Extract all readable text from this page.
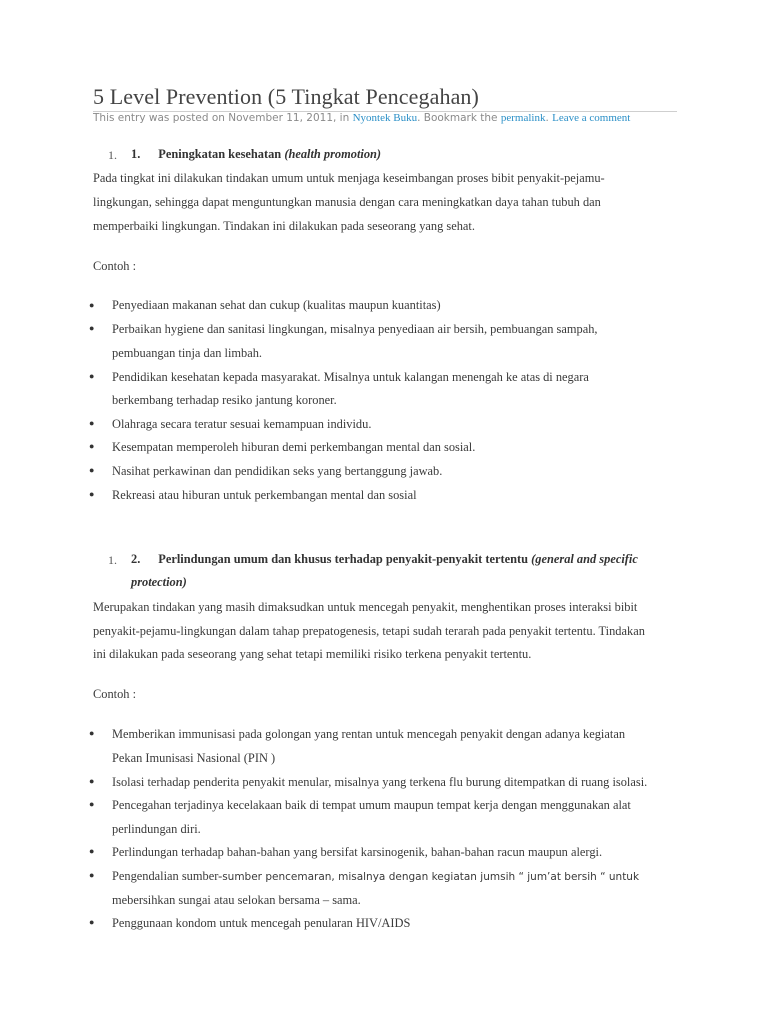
5 Level Prevention (5 Tingkat Pencegahan)
This entry was posted on November 11, 2011, in Nyontek Buku. Bookmark the permalink. Leave a comment
1. 1. Peningkatan kesehatan (health promotion)
Pada tingkat ini dilakukan tindakan umum untuk menjaga keseimbangan proses bibit penyakit-pejamu-
lingkungan, sehingga dapat menguntungkan manusia dengan cara meningkatkan daya tahan tubuh dan
memperbaiki lingkungan. Tindakan ini dilakukan pada seseorang yang sehat.
Contoh :
● Penyediaan makanan sehat dan cukup (kualitas maupun kuantitas)
● Perbaikan hygiene dan sanitasi lingkungan, misalnya penyediaan air bersih, pembuangan sampah,
pembuangan tinja dan limbah.
● Pendidikan kesehatan kepada masyarakat. Misalnya untuk kalangan menengah ke atas di negara
berkembang terhadap resiko jantung koroner.
● Olahraga secara teratur sesuai kemampuan individu.
● Kesempatan memperoleh hiburan demi perkembangan mental dan sosial.
● Nasihat perkawinan dan pendidikan seks yang bertanggung jawab.
● Rekreasi atau hiburan untuk perkembangan mental dan sosial
1. 2. Perlindungan umum dan khusus terhadap penyakit-penyakit tertentu (general and specific
protection)
Merupakan tindakan yang masih dimaksudkan untuk mencegah penyakit, menghentikan proses interaksi bibit
penyakit-pejamu-lingkungan dalam tahap prepatogenesis, tetapi sudah terarah pada penyakit tertentu. Tindakan
ini dilakukan pada seseorang yang sehat tetapi memiliki risiko terkena penyakit tertentu.
Contoh :
● Memberikan immunisasi pada golongan yang rentan untuk mencegah penyakit dengan adanya kegiatan
Pekan Imunisasi Nasional (PIN )
● Isolasi terhadap penderita penyakit menular, misalnya yang terkena flu burung ditempatkan di ruang isolasi.
● Pencegahan terjadinya kecelakaan baik di tempat umum maupun tempat kerja dengan menggunakan alat
perlindungan diri.
● Perlindungan terhadap bahan-bahan yang bersifat karsinogenik, bahan-bahan racun maupun alergi.
● Pengendalian sumber-sumber pencemaran, misalnya dengan kegiatan jumsih “ jum’at bersih “ untuk
mebersihkan sungai atau selokan bersama – sama.
● Penggunaan kondom untuk mencegah penularan HIV/AIDS
